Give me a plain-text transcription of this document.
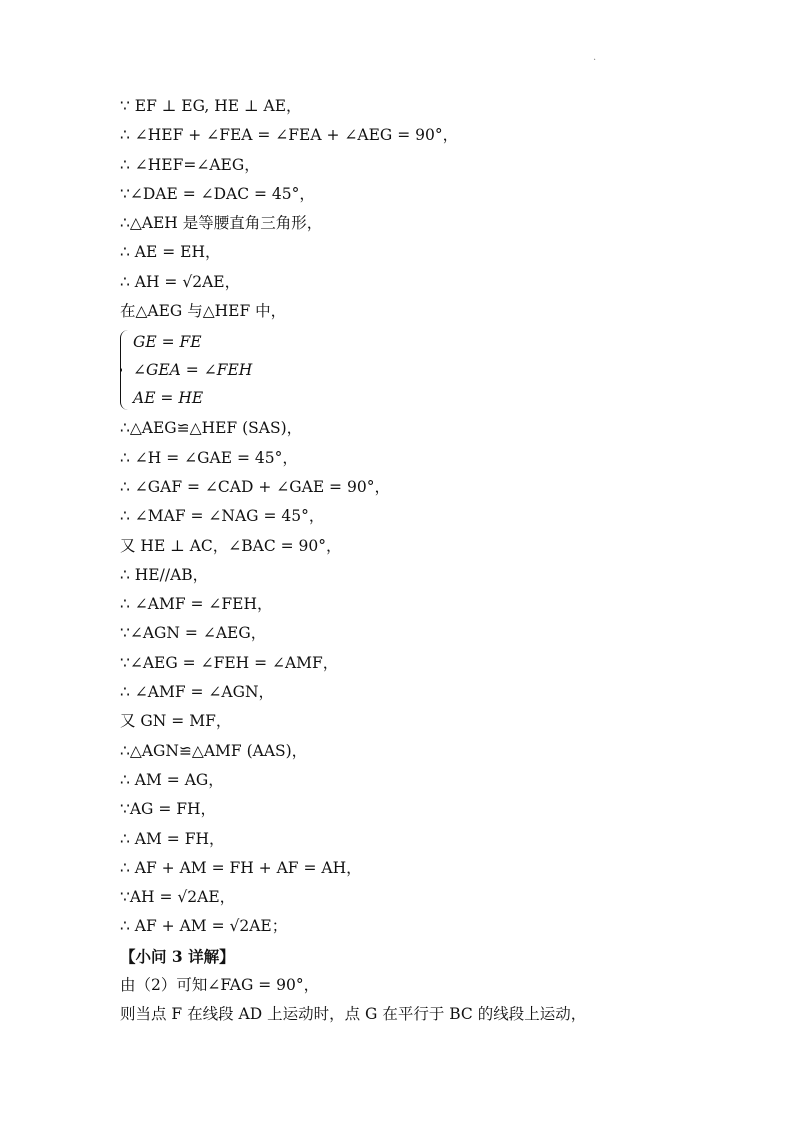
.
∵ EF ⊥ EG, HE ⊥ AE，
∴ ∠HEF + ∠FEA = ∠FEA + ∠AEG = 90°，
∴ ∠HEF=∠AEG，
∵∠DAE = ∠DAC = 45°，
∴△AEH 是等腰直角三角形，
∴ AE = EH，
∴ AH = √2AE，
在△AEG 与△HEF 中，
GE = FE
∠GEA = ∠FEH
AE = HE
∴△AEG≌△HEF (SAS)，
∴ ∠H = ∠GAE = 45°，
∴ ∠GAF = ∠CAD + ∠GAE = 90°，
∴ ∠MAF = ∠NAG = 45°，
又 HE ⊥ AC，∠BAC = 90°，
∴ HE//AB，
∴ ∠AMF = ∠FEH，
∵∠AGN = ∠AEG，
∵∠AEG = ∠FEH = ∠AMF，
∴ ∠AMF = ∠AGN，
又 GN = MF，
∴△AGN≌△AMF (AAS)，
∴ AM = AG，
∵AG = FH，
∴ AM = FH，
∴ AF + AM = FH + AF = AH，
∵AH = √2AE，
∴ AF + AM = √2AE；
【小问 3 详解】
由（2）可知∠FAG = 90°，
则当点 F 在线段 AD 上运动时，点 G 在平行于 BC 的线段上运动，
